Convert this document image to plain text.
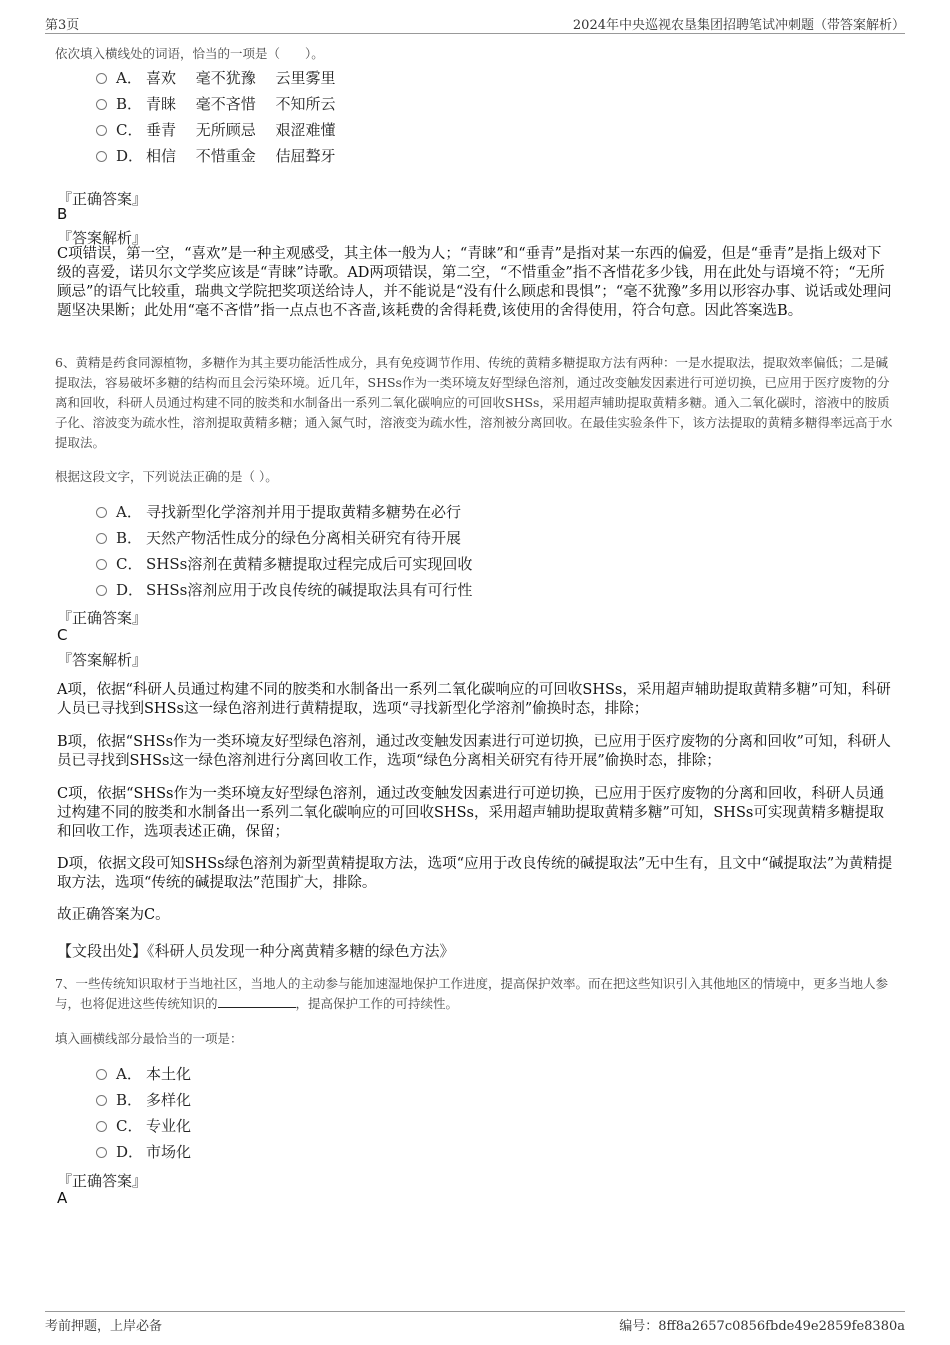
第3页	2024年中央巡视农垦集团招聘笔试冲刺题（带答案解析）
依次填入横线处的词语，恰当的一项是（　　）。
A． 喜欢　 毫不犹豫　 云里雾里
B． 青睐　 毫不吝惜　 不知所云
C． 垂青　 无所顾忌　 艰涩难懂
D． 相信　 不惜重金　 佶屈聱牙
『正确答案』
B
『答案解析』
C项错误，第一空，“喜欢”是一种主观感受，其主体一般为人；“青睐”和“垂青”是指对某一东西的偏爱，但是“垂青”是指上级对下级的喜爱，诺贝尔文学奖应该是“青睐”诗歌。AD两项错误，第二空，“不惜重金”指不吝惜花多少钱，用在此处与语境不符；“无所顾忌”的语气比较重，瑞典文学院把奖项送给诗人，并不能说是“没有什么顾虑和畏惧”；“毫不犹豫”多用以形容办事、说话或处理问题坚决果断；此处用“毫不吝惜”指一点点也不吝啬,该耗费的舍得耗费,该使用的舍得使用，符合句意。因此答案选B。
6、黄精是药食同源植物，多糖作为其主要功能活性成分，具有免疫调节作用、传统的黄精多糖提取方法有两种：一是水提取法，提取效率偏低；二是碱提取法，容易破坏多糖的结构而且会污染环境。近几年，SHSs作为一类环境友好型绿色溶剂，通过改变触发因素进行可逆切换，已应用于医疗废物的分离和回收，科研人员通过构建不同的胺类和水制备出一系列二氧化碳响应的可回收SHSs，采用超声辅助提取黄精多糖。通入二氧化碳时，溶液中的胺质子化、溶波变为疏水性，溶剂提取黄精多糖；通入氮气时，溶液变为疏水性，溶剂被分离回收。在最佳实验条件下，该方法提取的黄精多糖得率远高于水提取法。
根据这段文字，下列说法正确的是（ ）。
A． 寻找新型化学溶剂并用于提取黄精多糖势在必行
B． 天然产物活性成分的绿色分离相关研究有待开展
C． SHSs溶剂在黄精多糖提取过程完成后可实现回收
D． SHSs溶剂应用于改良传统的碱提取法具有可行性
『正确答案』
C
『答案解析』
A项，依据“科研人员通过构建不同的胺类和水制备出一系列二氧化碳响应的可回收SHSs，采用超声辅助提取黄精多糖”可知，科研人员已寻找到SHSs这一绿色溶剂进行黄精提取，选项“寻找新型化学溶剂”偷换时态，排除；
B项，依据“SHSs作为一类环境友好型绿色溶剂，通过改变触发因素进行可逆切换，已应用于医疗废物的分离和回收”可知，科研人员已寻找到SHSs这一绿色溶剂进行分离回收工作，选项“绿色分离相关研究有待开展”偷换时态，排除；
C项，依据“SHSs作为一类环境友好型绿色溶剂，通过改变触发因素进行可逆切换，已应用于医疗废物的分离和回收，科研人员通过构建不同的胺类和水制备出一系列二氧化碳响应的可回收SHSs，采用超声辅助提取黄精多糖”可知，SHSs可实现黄精多糖提取和回收工作，选项表述正确，保留；
D项，依据文段可知SHSs绿色溶剂为新型黄精提取方法，选项“应用于改良传统的碱提取法”无中生有，且文中“碱提取法”为黄精提取方法，选项“传统的碱提取法”范围扩大，排除。
故正确答案为C。
【文段出处】《科研人员发现一种分离黄精多糖的绿色方法》
7、一些传统知识取材于当地社区，当地人的主动参与能加速湿地保护工作进度，提高保护效率。而在把这些知识引入其他地区的情境中，更多当地人参与，也将促进这些传统知识的	，提高保护工作的可持续性。
填入画横线部分最恰当的一项是：
A． 本土化
B． 多样化
C． 专业化
D． 市场化
『正确答案』
A
考前押题，上岸必备	编号：8ff8a2657c0856fbde49e2859fe8380a
